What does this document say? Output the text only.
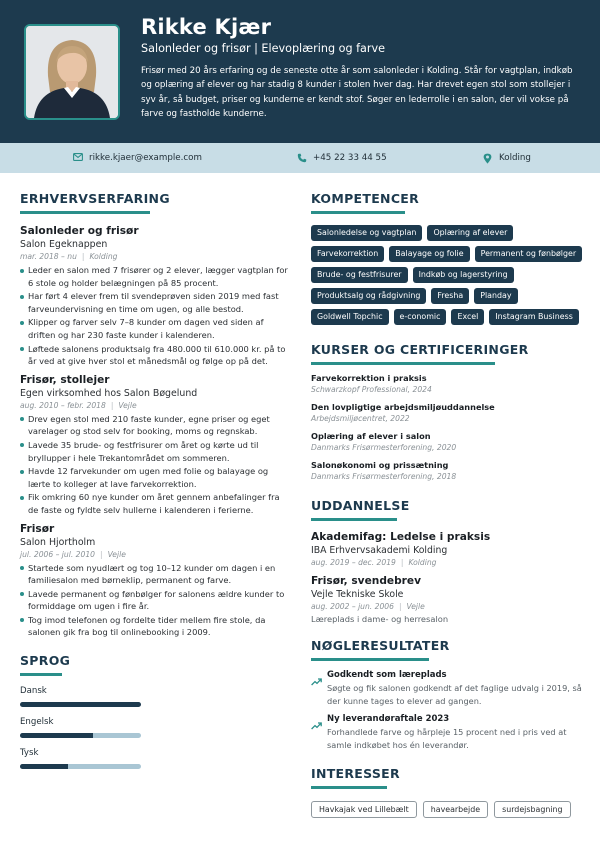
Rikke Kjær
Salonleder og frisør | Elevoplæring og farve
Frisør med 20 års erfaring og de seneste otte år som salonleder i Kolding. Står for vagtplan, indkøb og oplæring af elever og har stadig 8 kunder i stolen hver dag. Har drevet egen stol som stollejer i syv år, så budget, priser og kunderne er kendt stof. Søger en lederrolle i en salon, der vil vokse på farve og fastholde kunderne.
rikke.kjaer@example.com	+45 22 33 44 55	Kolding
ERHVERVSERFARING
Salonleder og frisør
Salon Egeknappen
mar. 2018 – nu | Kolding
Leder en salon med 7 frisører og 2 elever, lægger vagtplan for 6 stole og holder belægningen på 85 procent.
Har ført 4 elever frem til svendeprøven siden 2019 med fast farveundervisning en time om ugen, og alle bestod.
Klipper og farver selv 7–8 kunder om dagen ved siden af driften og har 230 faste kunder i kalenderen.
Løftede salonens produktsalg fra 480.000 til 610.000 kr. på to år ved at give hver stol et månedsmål og følge op på det.
Frisør, stollejer
Egen virksomhed hos Salon Bøgelund
aug. 2010 – febr. 2018 | Vejle
Drev egen stol med 210 faste kunder, egne priser og eget varelager og stod selv for booking, moms og regnskab.
Lavede 35 brude- og festfrisurer om året og kørte ud til bryllupper i hele Trekantområdet om sommeren.
Havde 12 farvekunder om ugen med folie og balayage og lærte to kolleger at lave farvekorrektion.
Fik omkring 60 nye kunder om året gennem anbefalinger fra de faste og fyldte selv hullerne i kalenderen i ferierne.
Frisør
Salon Hjortholm
jul. 2006 – jul. 2010 | Vejle
Startede som nyudlært og tog 10–12 kunder om dagen i en familiesalon med børneklip, permanent og farve.
Lavede permanent og fønbølger for salonens ældre kunder to formiddage om ugen i fire år.
Tog imod telefonen og fordelte tider mellem fire stole, da salonen gik fra bog til onlinebooking i 2009.
SPROG
Dansk
Engelsk
Tysk
KOMPETENCER
Salonledelse og vagtplan	Oplæring af elever
Farvekorrektion	Balayage og folie	Permanent og fønbølger
Brude- og festfrisurer	Indkøb og lagerstyring
Produktsalg og rådgivning	Fresha	Planday
Goldwell Topchic	e-conomic	Excel	Instagram Business
KURSER OG CERTIFICERINGER
Farvekorrektion i praksis
Schwarzkopf Professional, 2024
Den lovpligtige arbejdsmiljøuddannelse
Arbejdsmiljøcentret, 2022
Oplæring af elever i salon
Danmarks Frisørmesterforening, 2020
Salonøkonomi og prissætning
Danmarks Frisørmesterforening, 2018
UDDANNELSE
Akademifag: Ledelse i praksis
IBA Erhvervsakademi Kolding
aug. 2019 – dec. 2019 | Kolding
Frisør, svendebrev
Vejle Tekniske Skole
aug. 2002 – jun. 2006 | Vejle
Læreplads i dame- og herresalon
NØGLERESULTATER
Godkendt som læreplads
Søgte og fik salonen godkendt af det faglige udvalg i 2019, så der kunne tages to elever ad gangen.
Ny leverandøraftale 2023
Forhandlede farve og hårpleje 15 procent ned i pris ved at samle indkøbet hos én leverandør.
INTERESSER
Havkajak ved Lillebælt	havearbejde	surdejsbagning
